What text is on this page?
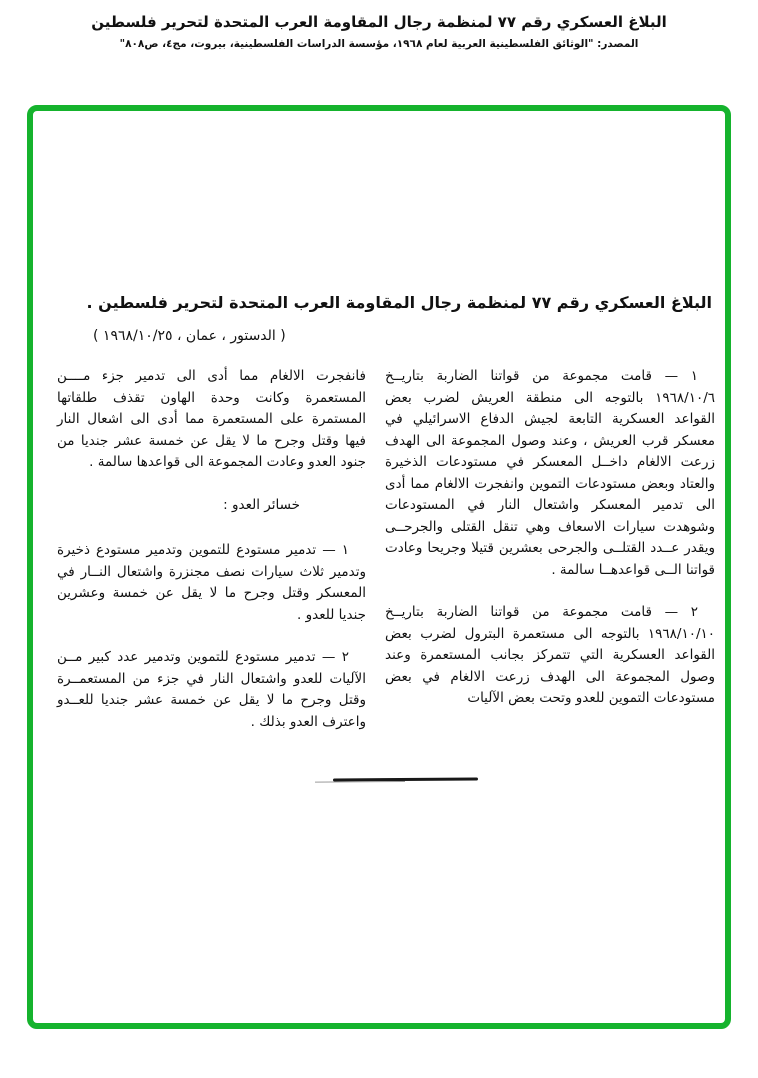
البلاغ العسكري رقم ٧٧ لمنظمة رجال المقاومة العرب المتحدة لتحرير فلسطين
المصدر: "الوثائق الفلسطينية العربية لعام ١٩٦٨، مؤسسة الدراسات الفلسطينية، بيروت، مج٤، ص٨٠٨"
البلاغ العسكري رقم ٧٧ لمنظمة رجال المقاومة العرب المتحدة لتحرير فلسطين .
( الدستور ، عمان ، ١٩٦٨/١٠/٢٥ )

١ — قامت مجموعة من قواتنا الضاربة بتاريــخ ١٩٦٨/١٠/٦ بالتوجه الى منطقة العريش لضرب بعض القواعد العسكرية التابعة لجيش الدفاع الاسرائيلي في معسكر قرب العريش ، وعند وصول المجموعة الى الهدف زرعت الالغام داخــل المعسكر في مستودعات الذخيرة والعتاد وبعض مستودعات التموين وانفجرت الالغام مما أدى الى تدمير المعسكر واشتعال النار في المستودعات وشوهدت سيارات الاسعاف وهي تنقل القتلى والجرحــى ويقدر عــدد القتلــى والجرحى بعشرين قتيلا وجريحا وعادت قواتنا الــى قواعدهــا سالمة .

٢ — قامت مجموعة من قواتنا الضاربة بتاريــخ ١٩٦٨/١٠/١٠ بالتوجه الى مستعمرة البترول لضرب بعض القواعد العسكرية التي تتمركز بجانب المستعمرة وعند وصول المجموعة الى الهدف زرعت الالغام في بعض مستودعات التموين للعدو وتحت بعض الآليات

فانفجرت الالغام مما أدى الى تدمير جزء مــــن المستعمرة وكانت وحدة الهاون تقذف طلقاتها المستمرة على المستعمرة مما أدى الى اشعال النار فيها وقتل وجرح ما لا يقل عن خمسة عشر جنديا من جنود العدو وعادت المجموعة الى قواعدها سالمة .

خسائر العدو :

١ — تدمير مستودع للتموين وتدمير مستودع ذخيرة وتدمير ثلاث سيارات نصف مجنزرة واشتعال النــار في المعسكر وقتل وجرح ما لا يقل عن خمسة وعشرين جنديا للعدو .

٢ — تدمير مستودع للتموين وتدمير عدد كبير مــن الآليات للعدو واشتعال النار في جزء من المستعمــرة وقتل وجرح ما لا يقل عن خمسة عشر جنديا للعــدو واعترف العدو بذلك .
